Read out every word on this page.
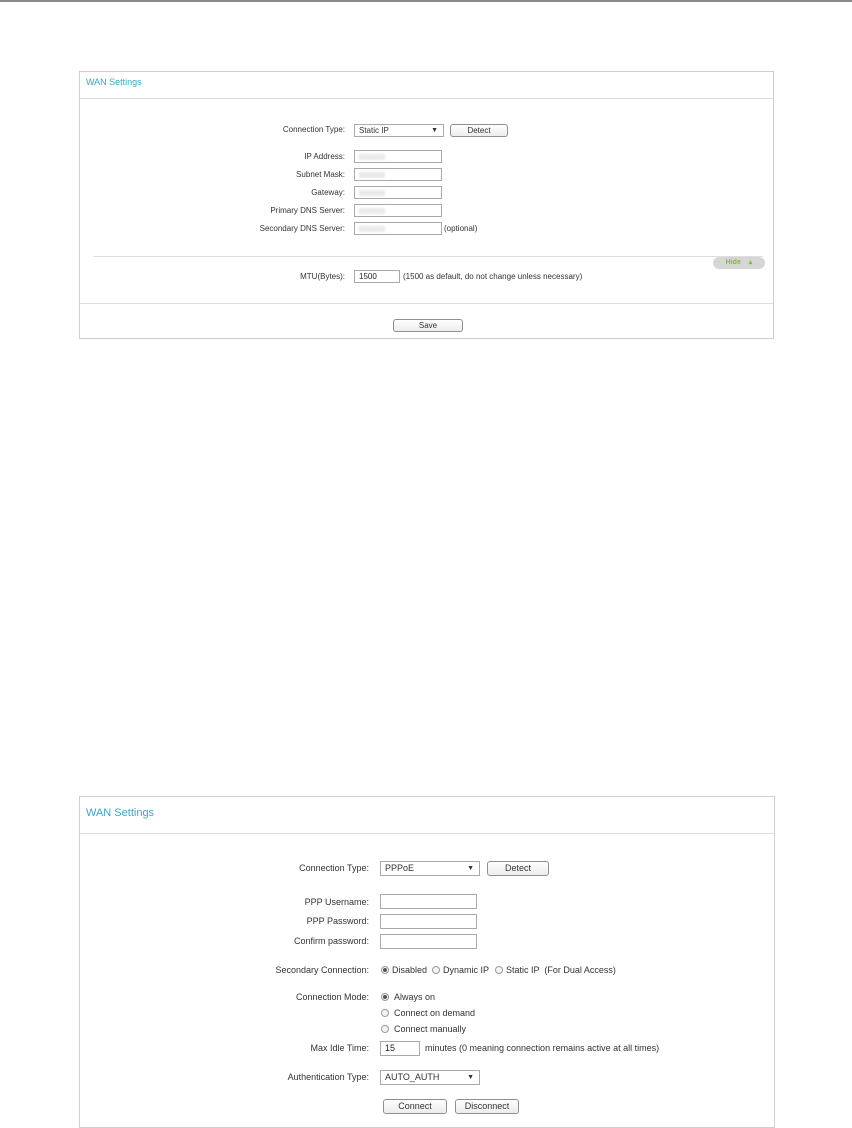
WAN Settings
Connection Type:	Static IP	▼	Detect
IP Address:
Subnet Mask:
Gateway:
Primary DNS Server:
Secondary DNS Server:	(optional)
Hide ▴
MTU(Bytes):	1500	(1500 as default, do not change unless necessary)
Save
WAN Settings
Connection Type:	PPPoE	▼	Detect
PPP Username:
PPP Password:
Confirm password:
Secondary Connection:	Disabled Dynamic IP Static IP  (For Dual Access)
Connection Mode:	Always on
Connect on demand
Connect manually
Max Idle Time:	15	minutes (0 meaning connection remains active at all times)
Authentication Type:	AUTO_AUTH	▼
Connect	Disconnect
